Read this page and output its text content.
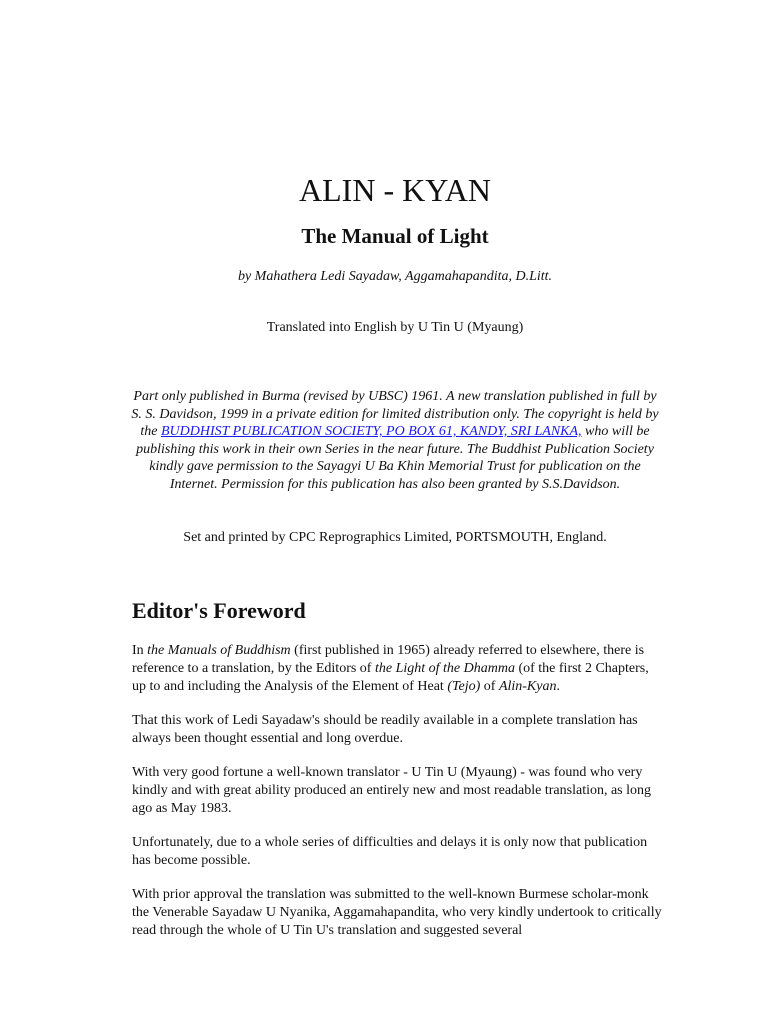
ALIN - KYAN
The Manual of Light
by Mahathera Ledi Sayadaw, Aggamahapandita, D.Litt.
Translated into English by U Tin U (Myaung)
Part only published in Burma (revised by UBSC) 1961. A new translation published in full by S. S. Davidson, 1999 in a private edition for limited distribution only. The copyright is held by the BUDDHIST PUBLICATION SOCIETY, PO BOX 61, KANDY, SRI LANKA, who will be publishing this work in their own Series in the near future. The Buddhist Publication Society kindly gave permission to the Sayagyi U Ba Khin Memorial Trust for publication on the Internet. Permission for this publication has also been granted by S.S.Davidson.
Set and printed by CPC Reprographics Limited, PORTSMOUTH, England.
Editor's Foreword

In the Manuals of Buddhism (first published in 1965) already referred to elsewhere, there is reference to a translation, by the Editors of the Light of the Dhamma (of the first 2 Chapters, up to and including the Analysis of the Element of Heat (Tejo) of Alin-Kyan.

That this work of Ledi Sayadaw's should be readily available in a complete translation has always been thought essential and long overdue.

With very good fortune a well-known translator - U Tin U (Myaung) - was found who very kindly and with great ability produced an entirely new and most readable translation, as long ago as May 1983.

Unfortunately, due to a whole series of difficulties and delays it is only now that publication has become possible.

With prior approval the translation was submitted to the well-known Burmese scholar-monk the Venerable Sayadaw U Nyanika, Aggamahapandita, who very kindly undertook to critically read through the whole of U Tin U's translation and suggested several
